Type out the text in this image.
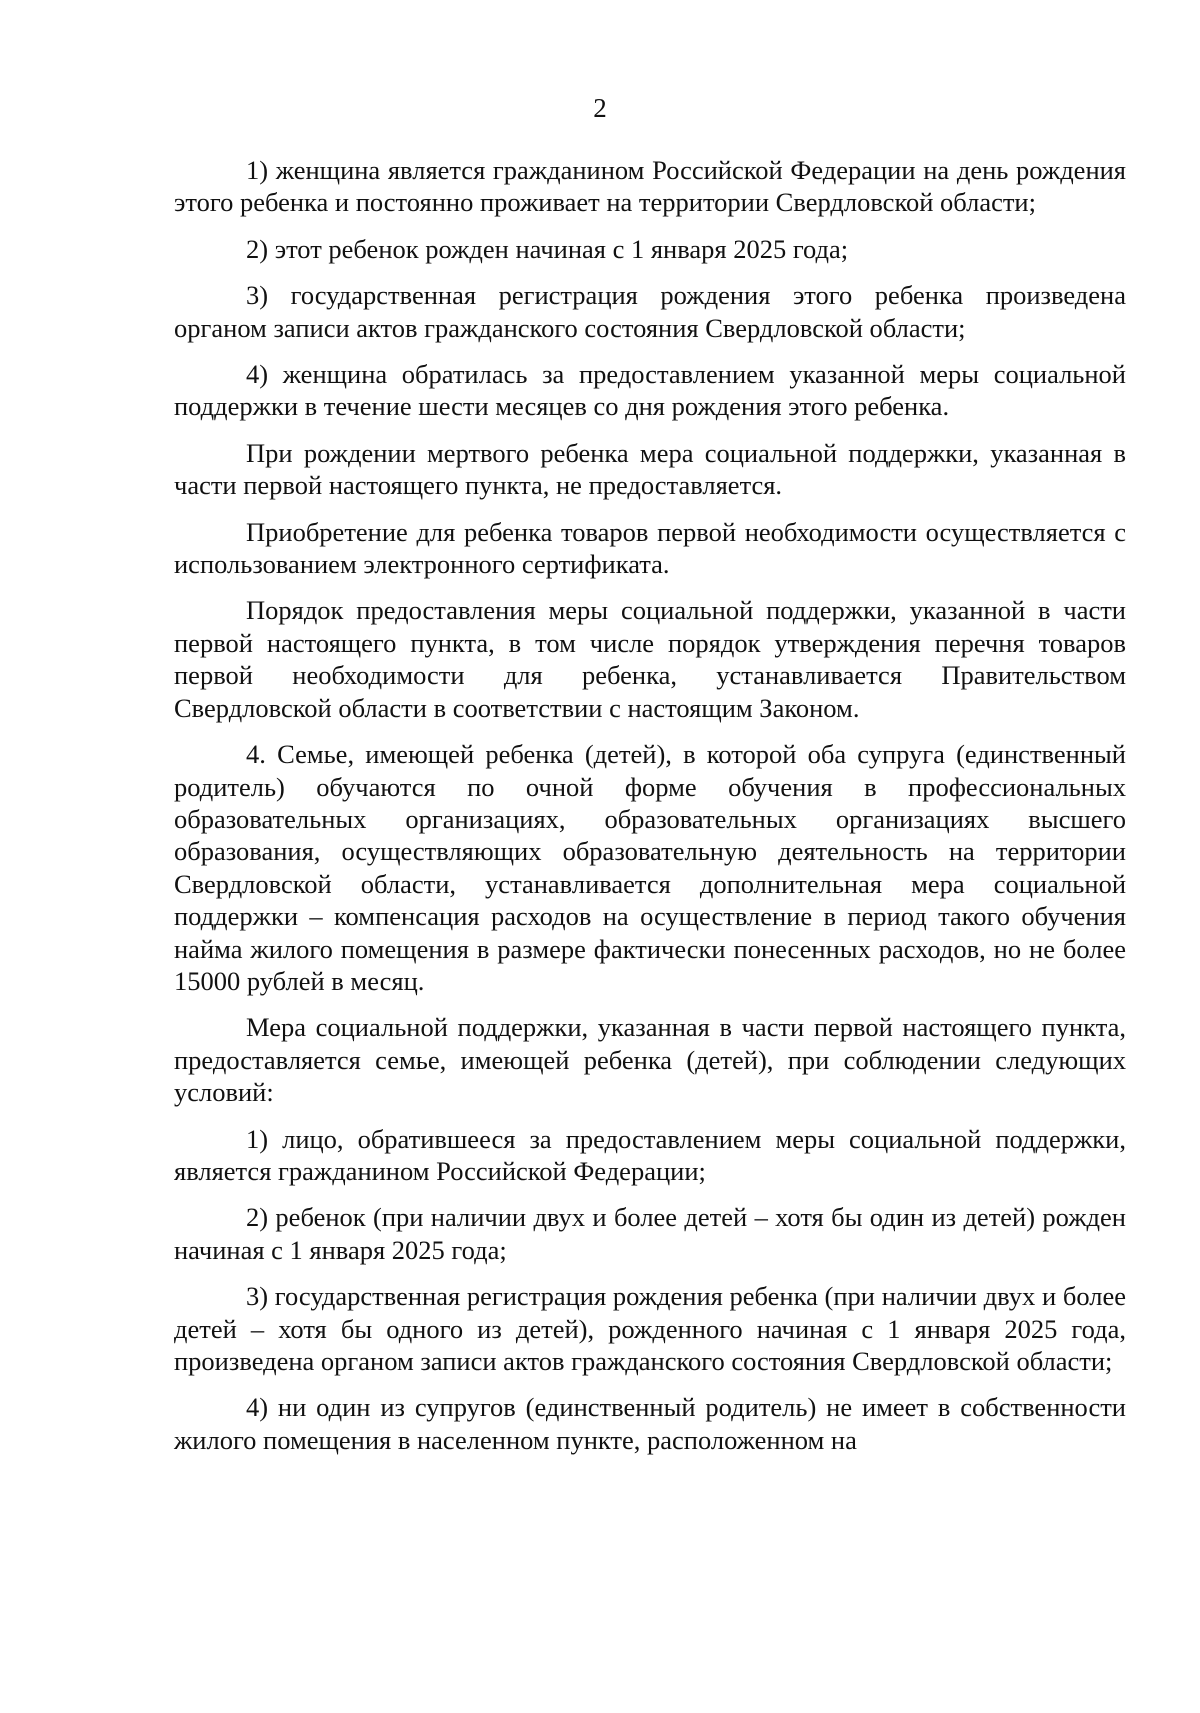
2

1) женщина является гражданином Российской Федерации на день рождения этого ребенка и постоянно проживает на территории Свердловской области;

2) этот ребенок рожден начиная с 1 января 2025 года;

3) государственная регистрация рождения этого ребенка произведена органом записи актов гражданского состояния Свердловской области;

4) женщина обратилась за предоставлением указанной меры социальной поддержки в течение шести месяцев со дня рождения этого ребенка.

При рождении мертвого ребенка мера социальной поддержки, указанная в части первой настоящего пункта, не предоставляется.

Приобретение для ребенка товаров первой необходимости осуществляется с использованием электронного сертификата.

Порядок предоставления меры социальной поддержки, указанной в части первой настоящего пункта, в том числе порядок утверждения перечня товаров первой необходимости для ребенка, устанавливается Правительством Свердловской области в соответствии с настоящим Законом.

4. Семье, имеющей ребенка (детей), в которой оба супруга (единственный родитель) обучаются по очной форме обучения в профессиональных образовательных организациях, образовательных организациях высшего образования, осуществляющих образовательную деятельность на территории Свердловской области, устанавливается дополнительная мера социальной поддержки – компенсация расходов на осуществление в период такого обучения найма жилого помещения в размере фактически понесенных расходов, но не более 15000 рублей в месяц.

Мера социальной поддержки, указанная в части первой настоящего пункта, предоставляется семье, имеющей ребенка (детей), при соблюдении следующих условий:

1) лицо, обратившееся за предоставлением меры социальной поддержки, является гражданином Российской Федерации;

2) ребенок (при наличии двух и более детей – хотя бы один из детей) рожден начиная с 1 января 2025 года;

3) государственная регистрация рождения ребенка (при наличии двух и более детей – хотя бы одного из детей), рожденного начиная с 1 января 2025 года, произведена органом записи актов гражданского состояния Свердловской области;

4) ни один из супругов (единственный родитель) не имеет в собственности жилого помещения в населенном пункте, расположенном на
